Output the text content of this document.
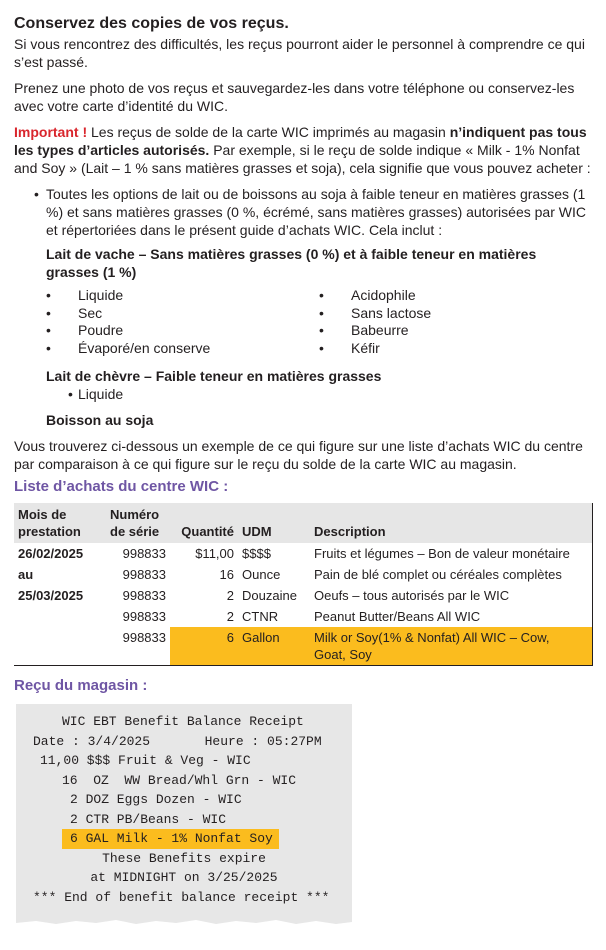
Conservez des copies de vos reçus.

Si vous rencontrez des difficultés, les reçus pourront aider le personnel à comprendre ce qui s’est passé.

Prenez une photo de vos reçus et sauvegardez-les dans votre téléphone ou conservez-les avec votre carte d’identité du WIC.

Important ! Les reçus de solde de la carte WIC imprimés au magasin n’indiquent pas tous les types d’articles autorisés. Par exemple, si le reçu de solde indique « Milk - 1% Nonfat and Soy » (Lait – 1 % sans matières grasses et soja), cela signifie que vous pouvez acheter :

• Toutes les options de lait ou de boissons au soja à faible teneur en matières grasses (1 %) et sans matières grasses (0 %, écrémé, sans matières grasses) autorisées par WIC et répertoriées dans le présent guide d’achats WIC. Cela inclut :
Lait de vache – Sans matières grasses (0 %) et à faible teneur en matières grasses (1 %)
• Liquide
• Sec
• Poudre
• Évaporé/en conserve
• Acidophile
• Sans lactose
• Babeurre
• Kéfir
Lait de chèvre – Faible teneur en matières grasses
• Liquide
Boisson au soja

Vous trouverez ci-dessous un exemple de ce qui figure sur une liste d’achats WIC du centre par comparaison à ce qui figure sur le reçu du solde de la carte WIC au magasin.

Liste d’achats du centre WIC :
Mois de
prestation	Numéro
de série	Quantité	UDM	Description
26/02/2025	998833	$11,00	$$$$	Fruits et légumes – Bon de valeur monétaire
au	998833	16	Ounce	Pain de blé complet ou céréales complètes
25/03/2025	998833	2	Douzaine	Oeufs – tous autorisés par le WIC
	998833	2	CTNR	Peanut Butter/Beans All WIC
	998833	6	Gallon	Milk or Soy(1% & Nonfat) All WIC – Cow, Goat, Soy
Reçu du magasin :
WIC EBT Benefit Balance Receipt
Date : 3/4/2025       Heure : 05:27PM
11,00 $$$ Fruit & Veg - WIC
16  OZ  WW Bread/Whl Grn - WIC
2 DOZ Eggs Dozen - WIC
2 CTR PB/Beans - WIC
6 GAL Milk - 1% Nonfat Soy
These Benefits expire
at MIDNIGHT on 3/25/2025
*** End of benefit balance receipt ***
